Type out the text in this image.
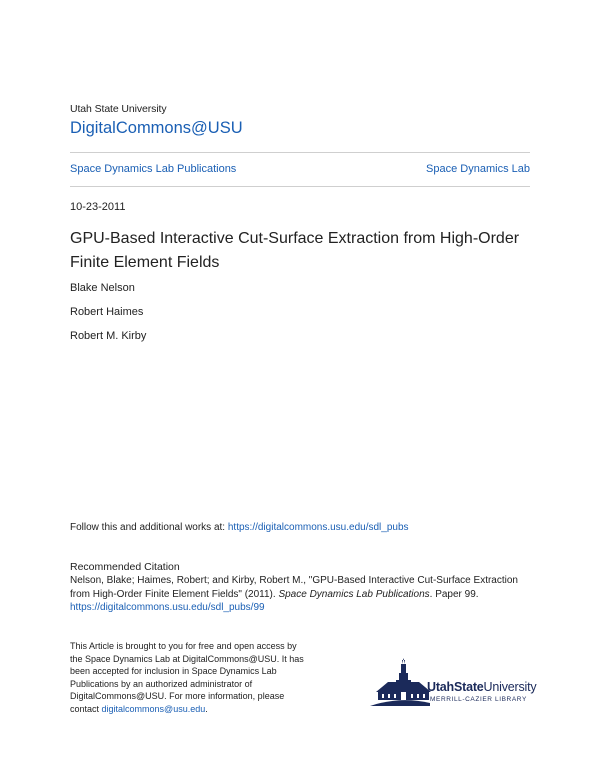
Utah State University
DigitalCommons@USU
Space Dynamics Lab Publications	Space Dynamics Lab
10-23-2011
GPU-Based Interactive Cut-Surface Extraction from High-Order Finite Element Fields
Blake Nelson
Robert Haimes
Robert M. Kirby
Follow this and additional works at: https://digitalcommons.usu.edu/sdl_pubs
Recommended Citation
Nelson, Blake; Haimes, Robert; and Kirby, Robert M., "GPU-Based Interactive Cut-Surface Extraction from High-Order Finite Element Fields" (2011). Space Dynamics Lab Publications. Paper 99.
https://digitalcommons.usu.edu/sdl_pubs/99
This Article is brought to you for free and open access by the Space Dynamics Lab at DigitalCommons@USU. It has been accepted for inclusion in Space Dynamics Lab Publications by an authorized administrator of DigitalCommons@USU. For more information, please contact digitalcommons@usu.edu.
UtahStateUniversity
MERRILL-CAZIER LIBRARY
